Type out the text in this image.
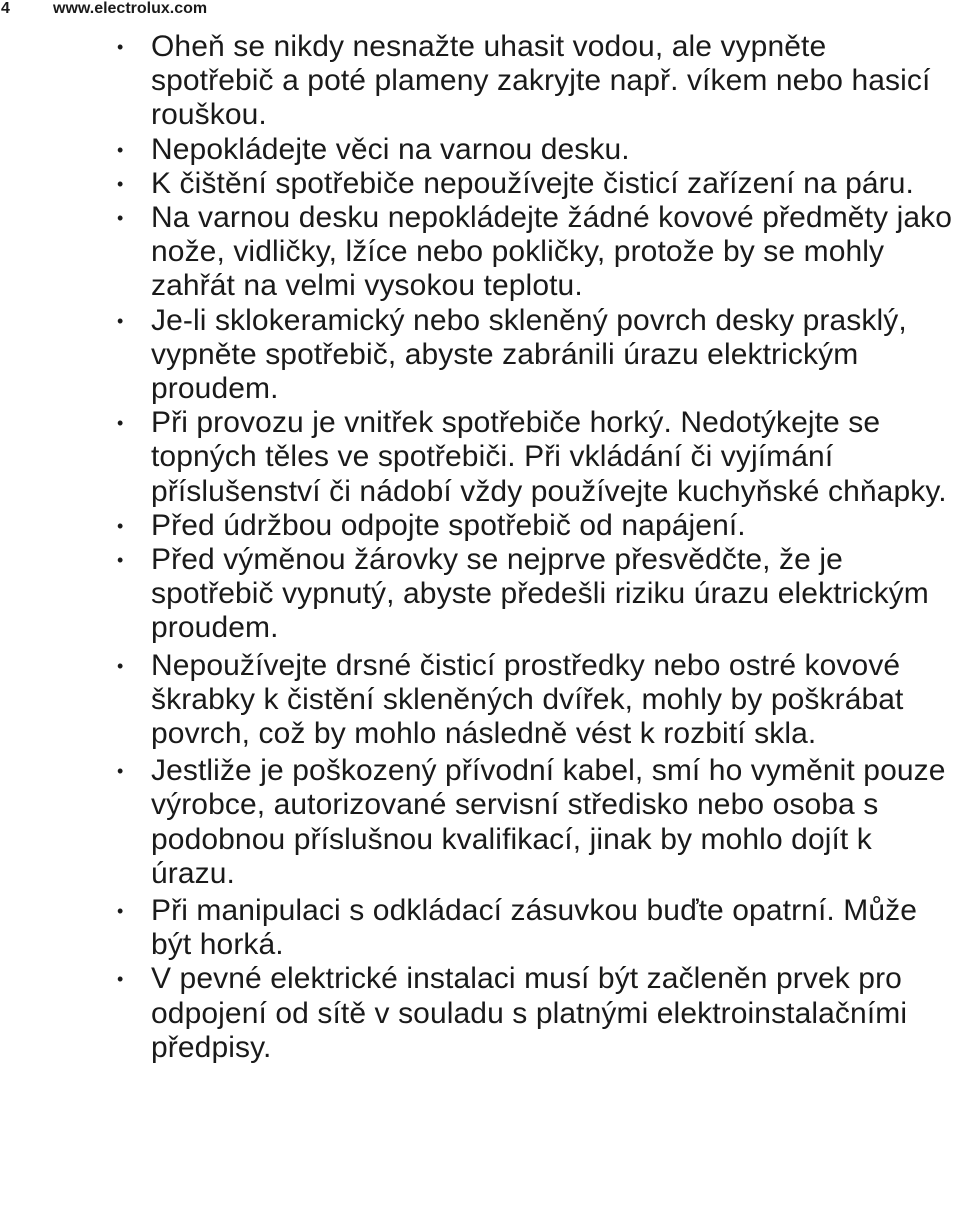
4	www.electrolux.com
• Oheň se nikdy nesnažte uhasit vodou, ale vypněte spotřebič a poté plameny zakryjte např. víkem nebo hasicí rouškou.
• Nepokládejte věci na varnou desku.
• K čištění spotřebiče nepoužívejte čisticí zařízení na páru.
• Na varnou desku nepokládejte žádné kovové předměty jako nože, vidličky, lžíce nebo pokličky, protože by se mohly zahřát na velmi vysokou teplotu.
• Je-li sklokeramický nebo skleněný povrch desky prasklý, vypněte spotřebič, abyste zabránili úrazu elektrickým proudem.
• Při provozu je vnitřek spotřebiče horký. Nedotýkejte se topných těles ve spotřebiči. Při vkládání či vyjímání příslušenství či nádobí vždy používejte kuchyňské chňapky.
• Před údržbou odpojte spotřebič od napájení.
• Před výměnou žárovky se nejprve přesvědčte, že je spotřebič vypnutý, abyste předešli riziku úrazu elektrickým proudem.
• Nepoužívejte drsné čisticí prostředky nebo ostré kovové škrabky k čistění skleněných dvířek, mohly by poškrábat povrch, což by mohlo následně vést k rozbití skla.
• Jestliže je poškozený přívodní kabel, smí ho vyměnit pouze výrobce, autorizované servisní středisko nebo osoba s podobnou příslušnou kvalifikací, jinak by mohlo dojít k úrazu.
• Při manipulaci s odkládací zásuvkou buďte opatrní. Může být horká.
• V pevné elektrické instalaci musí být začleněn prvek pro odpojení od sítě v souladu s platnými elektroinstalačními předpisy.
